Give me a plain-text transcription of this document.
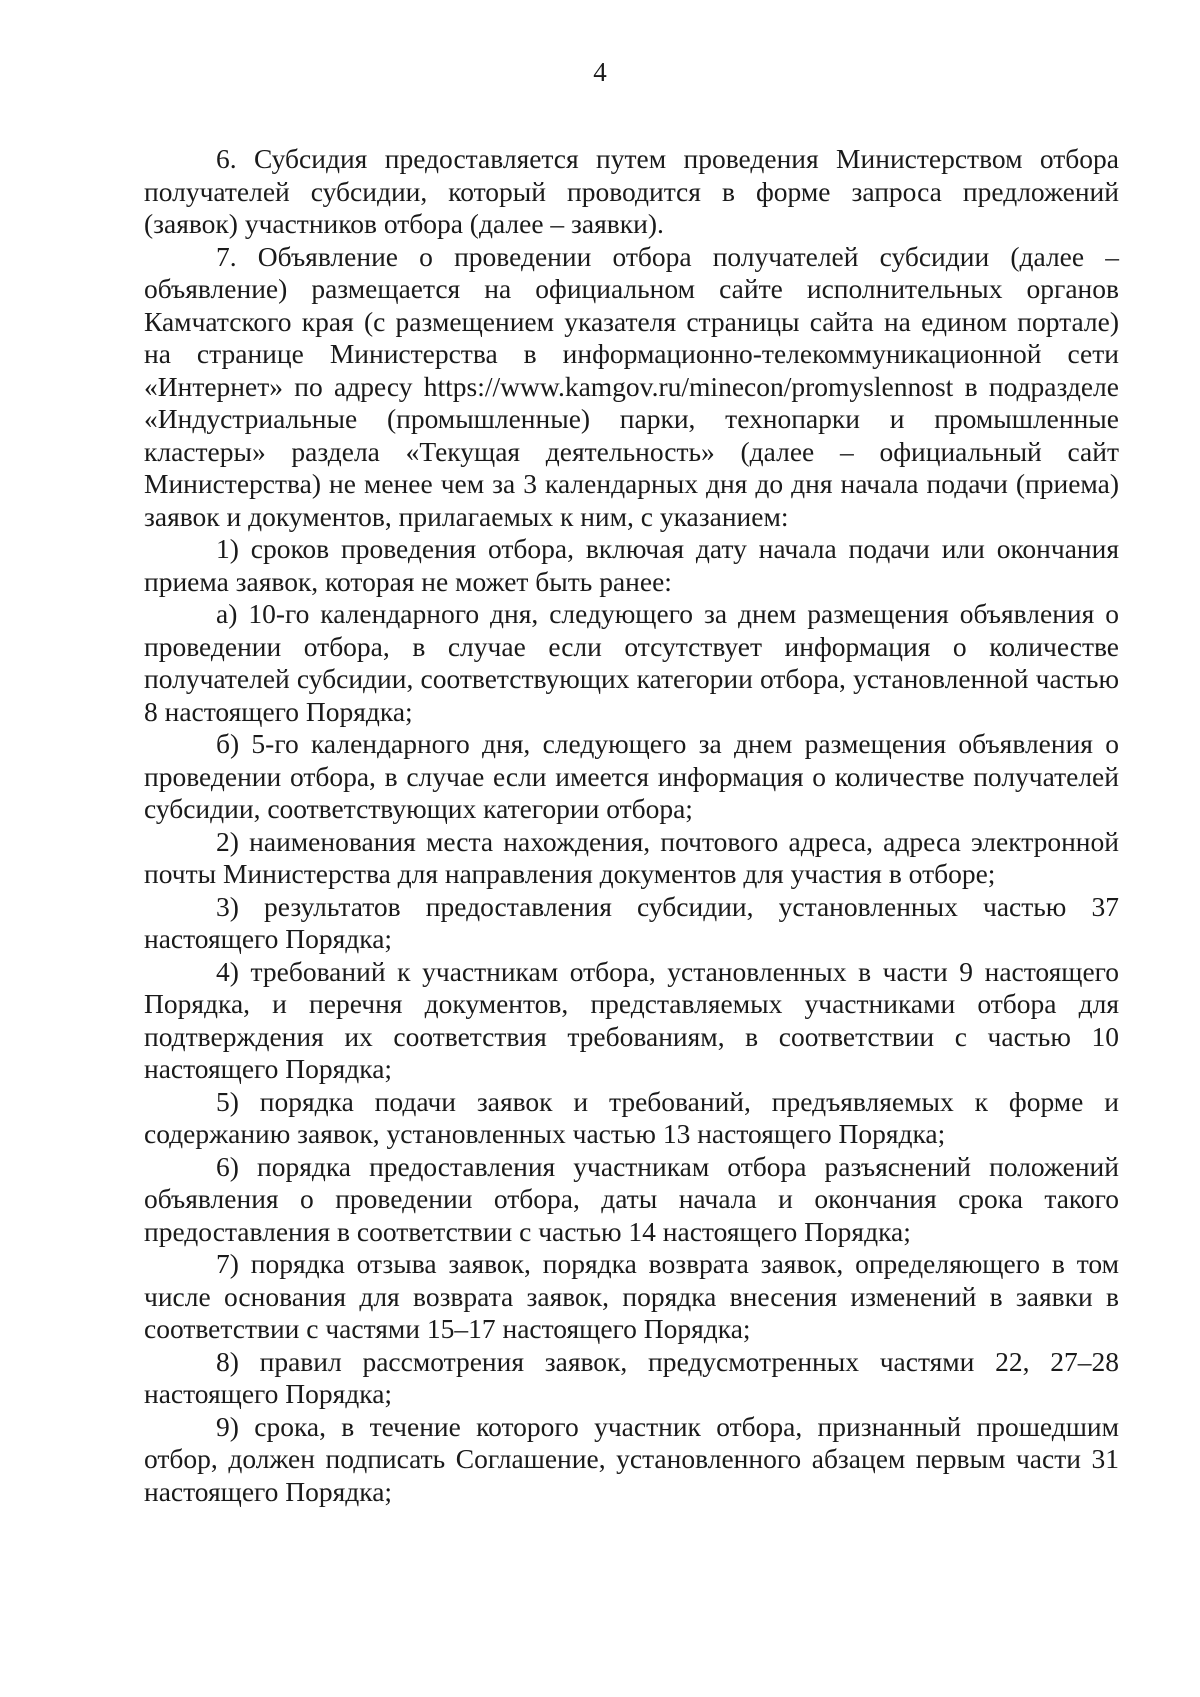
4

6. Субсидия предоставляется путем проведения Министерством отбора получателей субсидии, который проводится в форме запроса предложений (заявок) участников отбора (далее – заявки).

7. Объявление о проведении отбора получателей субсидии (далее – объявление) размещается на официальном сайте исполнительных органов Камчатского края (с размещением указателя страницы сайта на едином портале) на странице Министерства в информационно-телекоммуникационной сети «Интернет» по адресу https://www.kamgov.ru/minecon/promyslennost в подразделе «Индустриальные (промышленные) парки, технопарки и промышленные кластеры» раздела «Текущая деятельность» (далее – официальный сайт Министерства) не менее чем за 3 календарных дня до дня начала подачи (приема) заявок и документов, прилагаемых к ним, с указанием:

1) сроков проведения отбора, включая дату начала подачи или окончания приема заявок, которая не может быть ранее:

а) 10-го календарного дня, следующего за днем размещения объявления о проведении отбора, в случае если отсутствует информация о количестве получателей субсидии, соответствующих категории отбора, установленной частью 8 настоящего Порядка;

б) 5-го календарного дня, следующего за днем размещения объявления о проведении отбора, в случае если имеется информация о количестве получателей субсидии, соответствующих категории отбора;

2) наименования места нахождения, почтового адреса, адреса электронной почты Министерства для направления документов для участия в отборе;

3) результатов предоставления субсидии, установленных частью 37 настоящего Порядка;

4) требований к участникам отбора, установленных в части 9 настоящего Порядка, и перечня документов, представляемых участниками отбора для подтверждения их соответствия требованиям, в соответствии с частью 10 настоящего Порядка;

5) порядка подачи заявок и требований, предъявляемых к форме и содержанию заявок, установленных частью 13 настоящего Порядка;

6) порядка предоставления участникам отбора разъяснений положений объявления о проведении отбора, даты начала и окончания срока такого предоставления в соответствии с частью 14 настоящего Порядка;

7) порядка отзыва заявок, порядка возврата заявок, определяющего в том числе основания для возврата заявок, порядка внесения изменений в заявки в соответствии с частями 15–17 настоящего Порядка;

8) правил рассмотрения заявок, предусмотренных частями 22, 27–28 настоящего Порядка;

9) срока, в течение которого участник отбора, признанный прошедшим отбор, должен подписать Соглашение, установленного абзацем первым части 31 настоящего Порядка;
